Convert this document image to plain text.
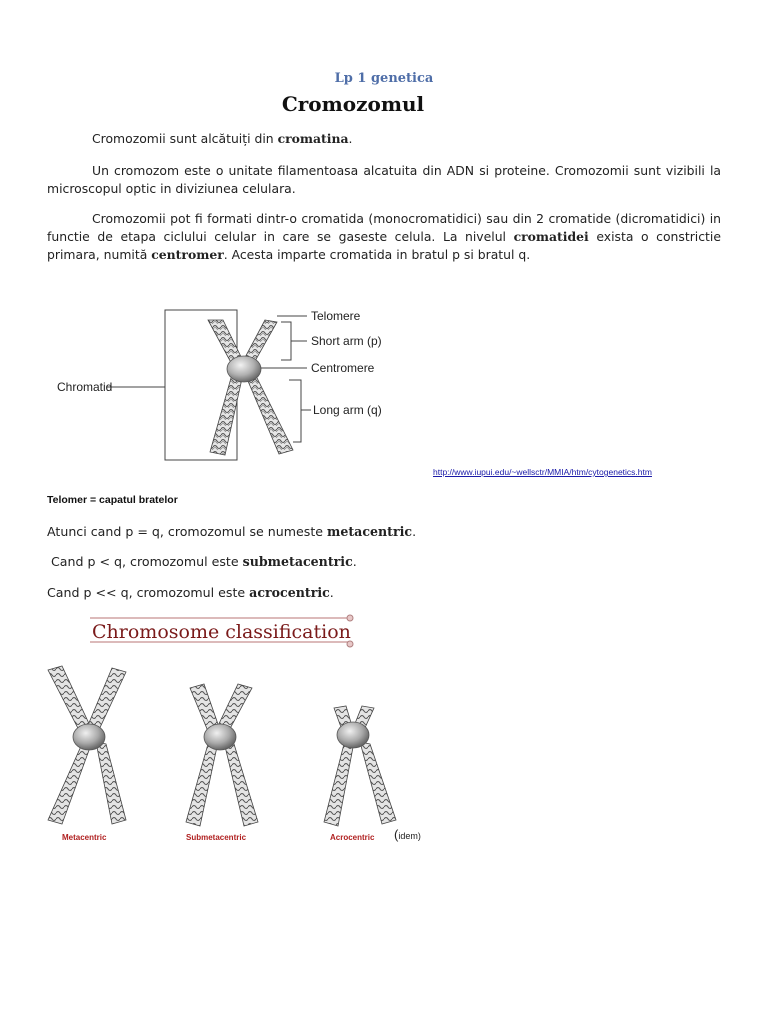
Lp 1 genetica
Cromozomul
Cromozomii sunt alcătuiți din cromatina.
Un cromozom este o unitate filamentoasa alcatuita din ADN si proteine. Cromozomii sunt vizibili la microscopul optic in diviziunea celulara.
Cromozomii pot fi formati dintr-o cromatida (monocromatidici) sau din 2 cromatide (dicromatidici) in functie de etapa ciclului celular in care se gaseste celula. La nivelul cromatidei exista o constrictie primara, numită centromer. Acesta imparte cromatida in bratul p si bratul q.
Telomere
Short arm (p)
Centromere
Long arm (q)
Chromatid
http://www.iupui.edu/~wellsctr/MMIA/htm/cytogenetics.htm
Telomer = capatul bratelor
Atunci cand p = q, cromozomul se numeste metacentric.
Cand p < q, cromozomul este submetacentric.
Cand p << q, cromozomul este acrocentric.
Chromosome classification
Metacentric	Submetacentric	Acrocentric (idem)
